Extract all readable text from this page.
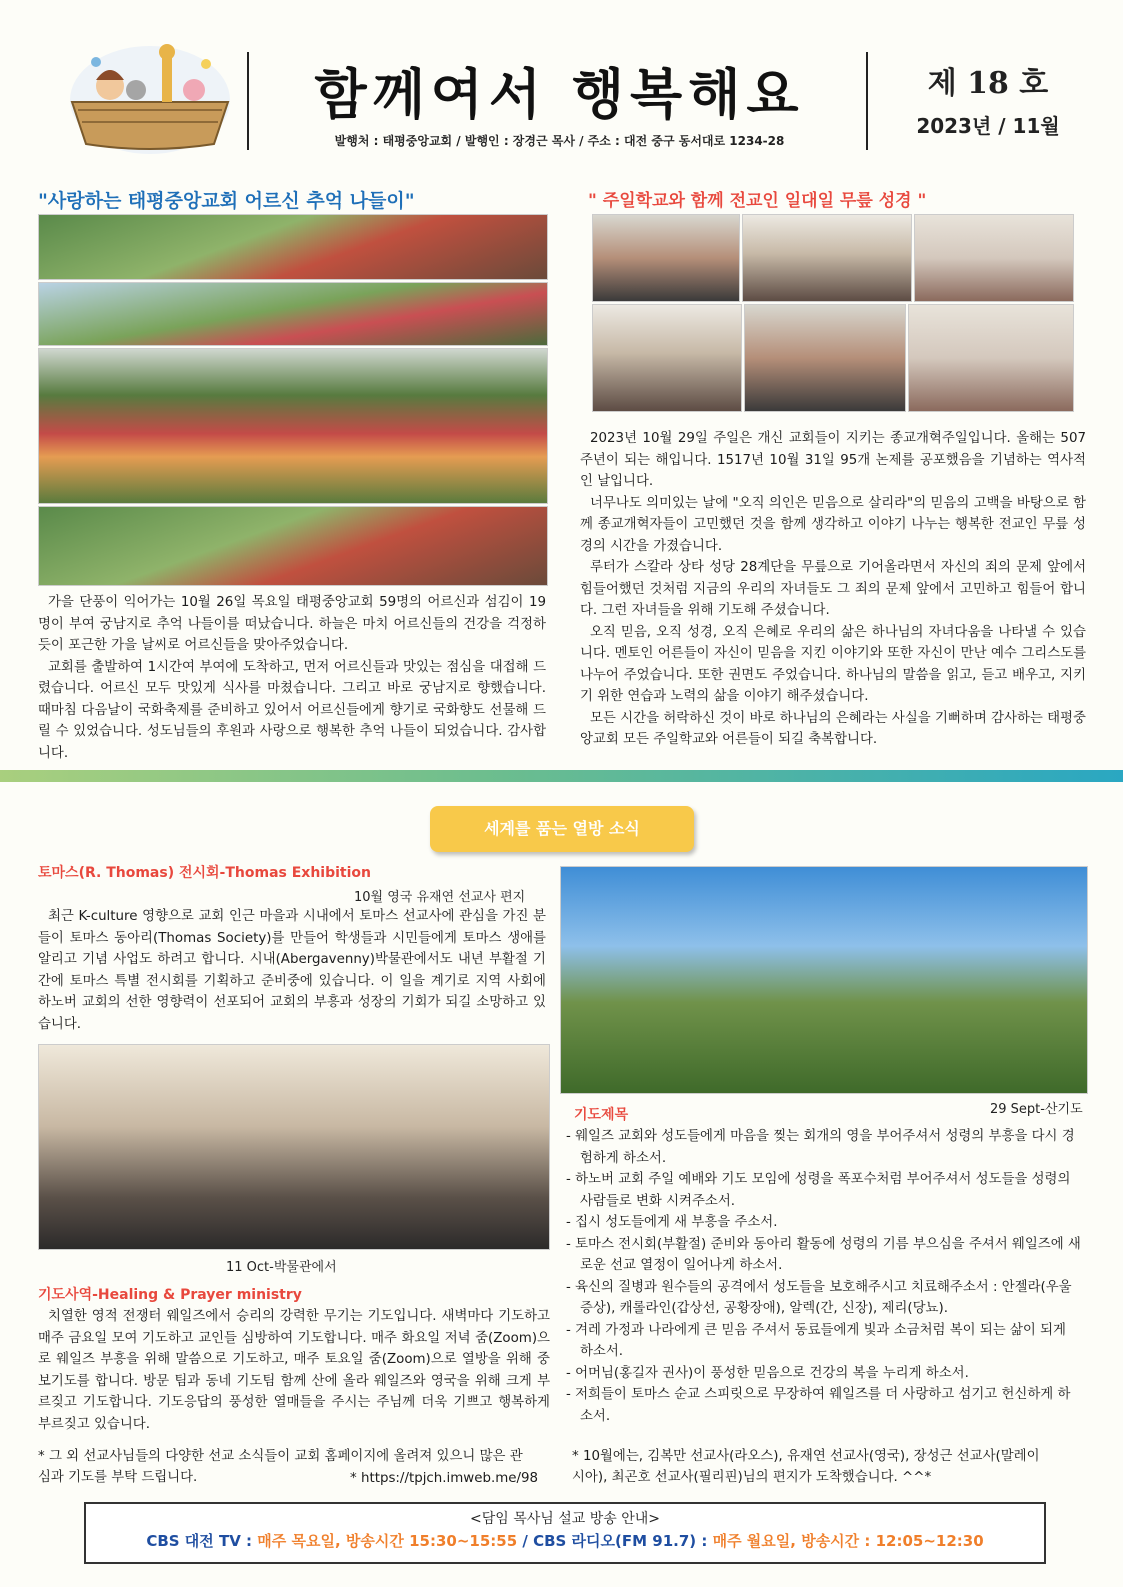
함께여서 행복해요
발행처 : 태평중앙교회 / 발행인 : 장경근 목사 / 주소 : 대전 중구 동서대로 1234-28
제 18 호
2023년 / 11월
"사랑하는 태평중앙교회 어르신 추억 나들이"

가을 단풍이 익어가는 10월 26일 목요일 태평중앙교회 59명의 어르신과 섬김이 19명이 부여 궁남지로 추억 나들이를 떠났습니다. 하늘은 마치 어르신들의 건강을 걱정하듯이 포근한 가을 날씨로 어르신들을 맞아주었습니다.

교회를 출발하여 1시간여 부여에 도착하고, 먼저 어르신들과 맛있는 점심을 대접해 드렸습니다. 어르신 모두 맛있게 식사를 마쳤습니다. 그리고 바로 궁남지로 향했습니다. 때마침 다음날이 국화축제를 준비하고 있어서 어르신들에게 향기로 국화향도 선물해 드릴 수 있었습니다. 성도님들의 후원과 사랑으로 행복한 추억 나들이 되었습니다. 감사합니다.

" 주일학교와 함께 전교인 일대일 무릎 성경 "

2023년 10월 29일 주일은 개신 교회들이 지키는 종교개혁주일입니다. 올해는 507주년이 되는 해입니다. 1517년 10월 31일 95개 논제를 공포했음을 기념하는 역사적인 날입니다.

너무나도 의미있는 날에 "오직 의인은 믿음으로 살리라"의 믿음의 고백을 바탕으로 함께 종교개혁자들이 고민했던 것을 함께 생각하고 이야기 나누는 행복한 전교인 무릎 성경의 시간을 가졌습니다.

루터가 스칼라 상타 성당 28계단을 무릎으로 기어올라면서 자신의 죄의 문제 앞에서 힘들어했던 것처럼 지금의 우리의 자녀들도 그 죄의 문제 앞에서 고민하고 힘들어 합니다. 그런 자녀들을 위해 기도해 주셨습니다.

오직 믿음, 오직 성경, 오직 은혜로 우리의 삶은 하나님의 자녀다움을 나타낼 수 있습니다. 멘토인 어른들이 자신이 믿음을 지킨 이야기와 또한 자신이 만난 예수 그리스도를 나누어 주었습니다. 또한 권면도 주었습니다. 하나님의 말씀을 읽고, 듣고 배우고, 지키기 위한 연습과 노력의 삶을 이야기 해주셨습니다.

모든 시간을 허락하신 것이 바로 하나님의 은혜라는 사실을 기뻐하며 감사하는 태평중앙교회 모든 주일학교와 어른들이 되길 축복합니다.

세계를 품는 열방 소식
토마스(R. Thomas) 전시회-Thomas Exhibition
10월 영국 유재연 선교사 편지

최근 K-culture 영향으로 교회 인근 마을과 시내에서 토마스 선교사에 관심을 가진 분들이 토마스 동아리(Thomas Society)를 만들어 학생들과 시민들에게 토마스 생애를 알리고 기념 사업도 하려고 합니다. 시내(Abergavenny)박물관에서도 내년 부활절 기간에 토마스 특별 전시회를 기획하고 준비중에 있습니다. 이 일을 계기로 지역 사회에 하노버 교회의 선한 영향력이 선포되어 교회의 부흥과 성장의 기회가 되길 소망하고 있습니다.

11 Oct-박물관에서
기도사역-Healing & Prayer ministry

치열한 영적 전쟁터 웨일즈에서 승리의 강력한 무기는 기도입니다. 새벽마다 기도하고 매주 금요일 모여 기도하고 교인들 심방하여 기도합니다. 매주 화요일 저녁 줌(Zoom)으로 웨일즈 부흥을 위해 말씀으로 기도하고, 매주 토요일 줌(Zoom)으로 열방을 위해 중보기도를 합니다. 방문 팀과 동네 기도팀 함께 산에 올라 웨일즈와 영국을 위해 크게 부르짖고 기도합니다. 기도응답의 풍성한 열매들을 주시는 주님께 더욱 기쁘고 행복하게 부르짖고 있습니다.

29 Sept-산기도
기도제목
- 웨일즈 교회와 성도들에게 마음을 찢는 회개의 영을 부어주셔서 성령의 부흥을 다시 경험하게 하소서.
- 하노버 교회 주일 예배와 기도 모임에 성령을 폭포수처럼 부어주셔서 성도들을 성령의 사람들로 변화 시켜주소서.
- 집시 성도들에게 새 부흥을 주소서.
- 토마스 전시회(부활절) 준비와 동아리 활동에 성령의 기름 부으심을 주셔서 웨일즈에 새로운 선교 열정이 일어나게 하소서.
- 육신의 질병과 원수들의 공격에서 성도들을 보호해주시고 치료해주소서 : 안젤라(우울 증상), 캐롤라인(갑상선, 공황장애), 알렉(간, 신장), 제리(당뇨).
- 겨레 가정과 나라에게 큰 믿음 주셔서 동료들에게 빛과 소금처럼 복이 되는 삶이 되게 하소서.
- 어머님(홍길자 권사)이 풍성한 믿음으로 건강의 복을 누리게 하소서.
- 저희들이 토마스 순교 스피릿으로 무장하여 웨일즈를 더 사랑하고 섬기고 헌신하게 하소서.
* 그 외 선교사님들의 다양한 선교 소식들이 교회 홈페이지에 올려져 있으니 많은 관심과 기도를 부탁 드립니다.	* https://tpjch.imweb.me/98
* 10월에는, 김복만 선교사(라오스), 유재연 선교사(영국), 장성근 선교사(말레이시아), 최곤호 선교사(필리핀)님의 편지가 도착했습니다. ^^*
<담임 목사님 설교 방송 안내>
CBS 대전 TV : 매주 목요일, 방송시간 15:30~15:55 / CBS 라디오(FM 91.7) : 매주 월요일, 방송시간 : 12:05~12:30
